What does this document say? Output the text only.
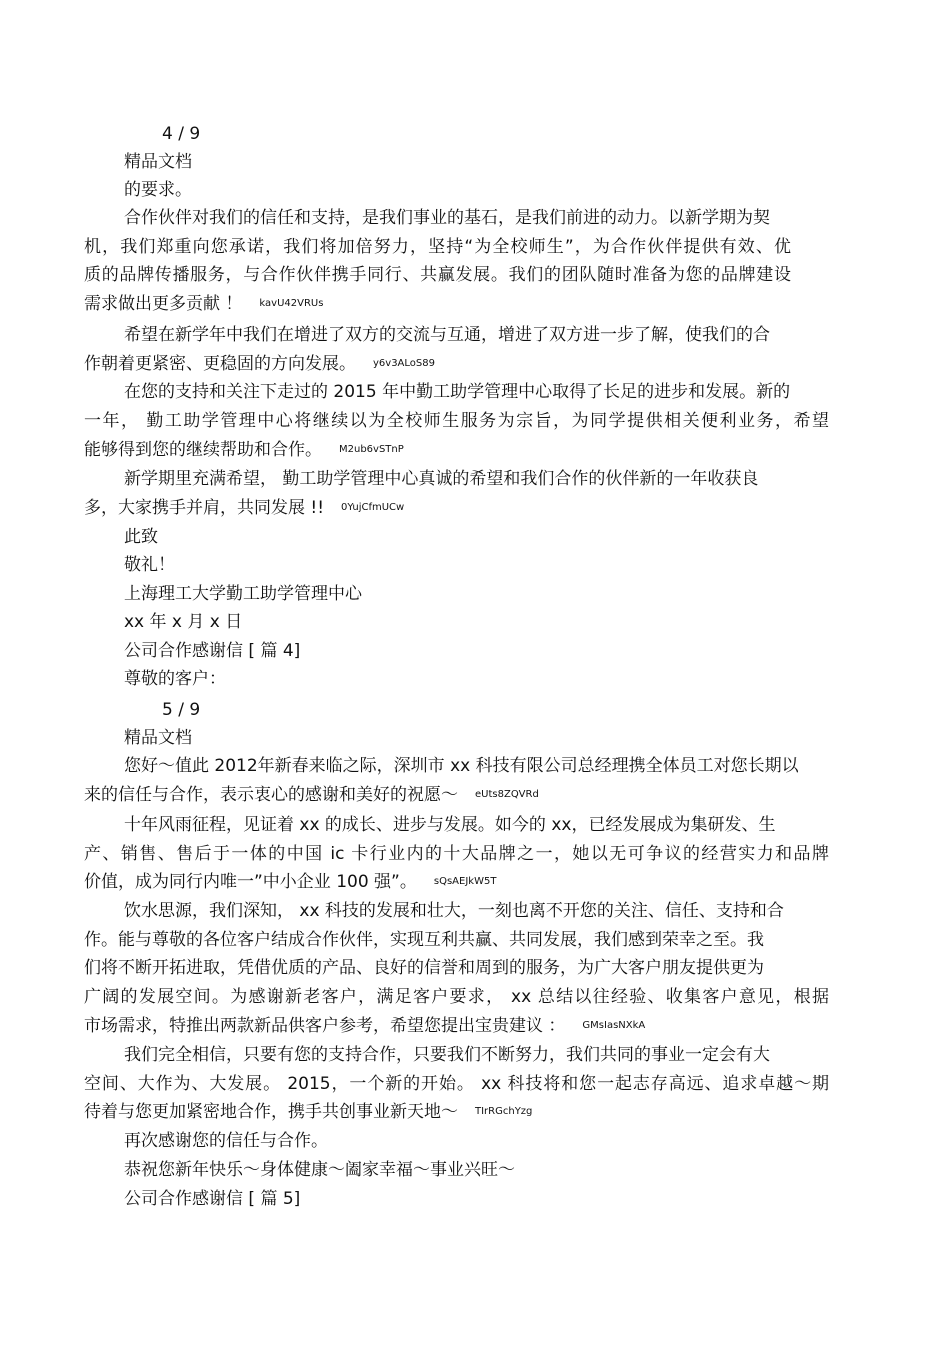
4 / 9
精品文档
的要求。
合作伙伴对我们的信任和支持，是我们事业的基石，是我们前进的动力。以新学期为契
机，我们郑重向您承诺，我们将加倍努力，坚持“为全校师生”，为合作伙伴提供有效、优
质的品牌传播服务，与合作伙伴携手同行、共赢发展。我们的团队随时准备为您的品牌建设
需求做出更多贡献 ！  kavU42VRUs
希望在新学年中我们在增进了双方的交流与互通，增进了双方进一步了解，使我们的合
作朝着更紧密、更稳固的方向发展。  y6v3ALoS89
在您的支持和关注下走过的 2015 年中勤工助学管理中心取得了长足的进步和发展。新的
一年， 勤工助学管理中心将继续以为全校师生服务为宗旨，为同学提供相关便利业务，希望
能够得到您的继续帮助和合作。  M2ub6vSTnP
新学期里充满希望， 勤工助学管理中心真诚的希望和我们合作的伙伴新的一年收获良
多，大家携手并肩，共同发展 !!  0YujCfmUCw
此致
敬礼！
上海理工大学勤工助学管理中心
xx 年 x 月 x 日
公司合作感谢信 [ 篇 4]
尊敬的客户：
5 / 9
精品文档
您好～值此 2012年新春来临之际，深圳市 xx 科技有限公司总经理携全体员工对您长期以
来的信任与合作，表示衷心的感谢和美好的祝愿～  eUts8ZQVRd
十年风雨征程，见证着 xx 的成长、进步与发展。如今的 xx，已经发展成为集研发、生
产、销售、售后于一体的中国 ic 卡行业内的十大品牌之一，她以无可争议的经营实力和品牌
价值，成为同行内唯一”中小企业 100 强”。  sQsAEJkW5T
饮水思源，我们深知， xx 科技的发展和壮大，一刻也离不开您的关注、信任、支持和合
作。能与尊敬的各位客户结成合作伙伴，实现互利共赢、共同发展，我们感到荣幸之至。我
们将不断开拓进取，凭借优质的产品、良好的信誉和周到的服务，为广大客户朋友提供更为
广阔的发展空间。为感谢新老客户，满足客户要求， xx 总结以往经验、收集客户意见，根据
市场需求，特推出两款新品供客户参考，希望您提出宝贵建议 ：  GMsIasNXkA
我们完全相信，只要有您的支持合作，只要我们不断努力，我们共同的事业一定会有大
空间、大作为、大发展。 2015，一个新的开始。 xx 科技将和您一起志存高远、追求卓越～期
待着与您更加紧密地合作，携手共创事业新天地～  TIrRGchYzg
再次感谢您的信任与合作。
恭祝您新年快乐～身体健康～阖家幸福～事业兴旺～
公司合作感谢信 [ 篇 5]
